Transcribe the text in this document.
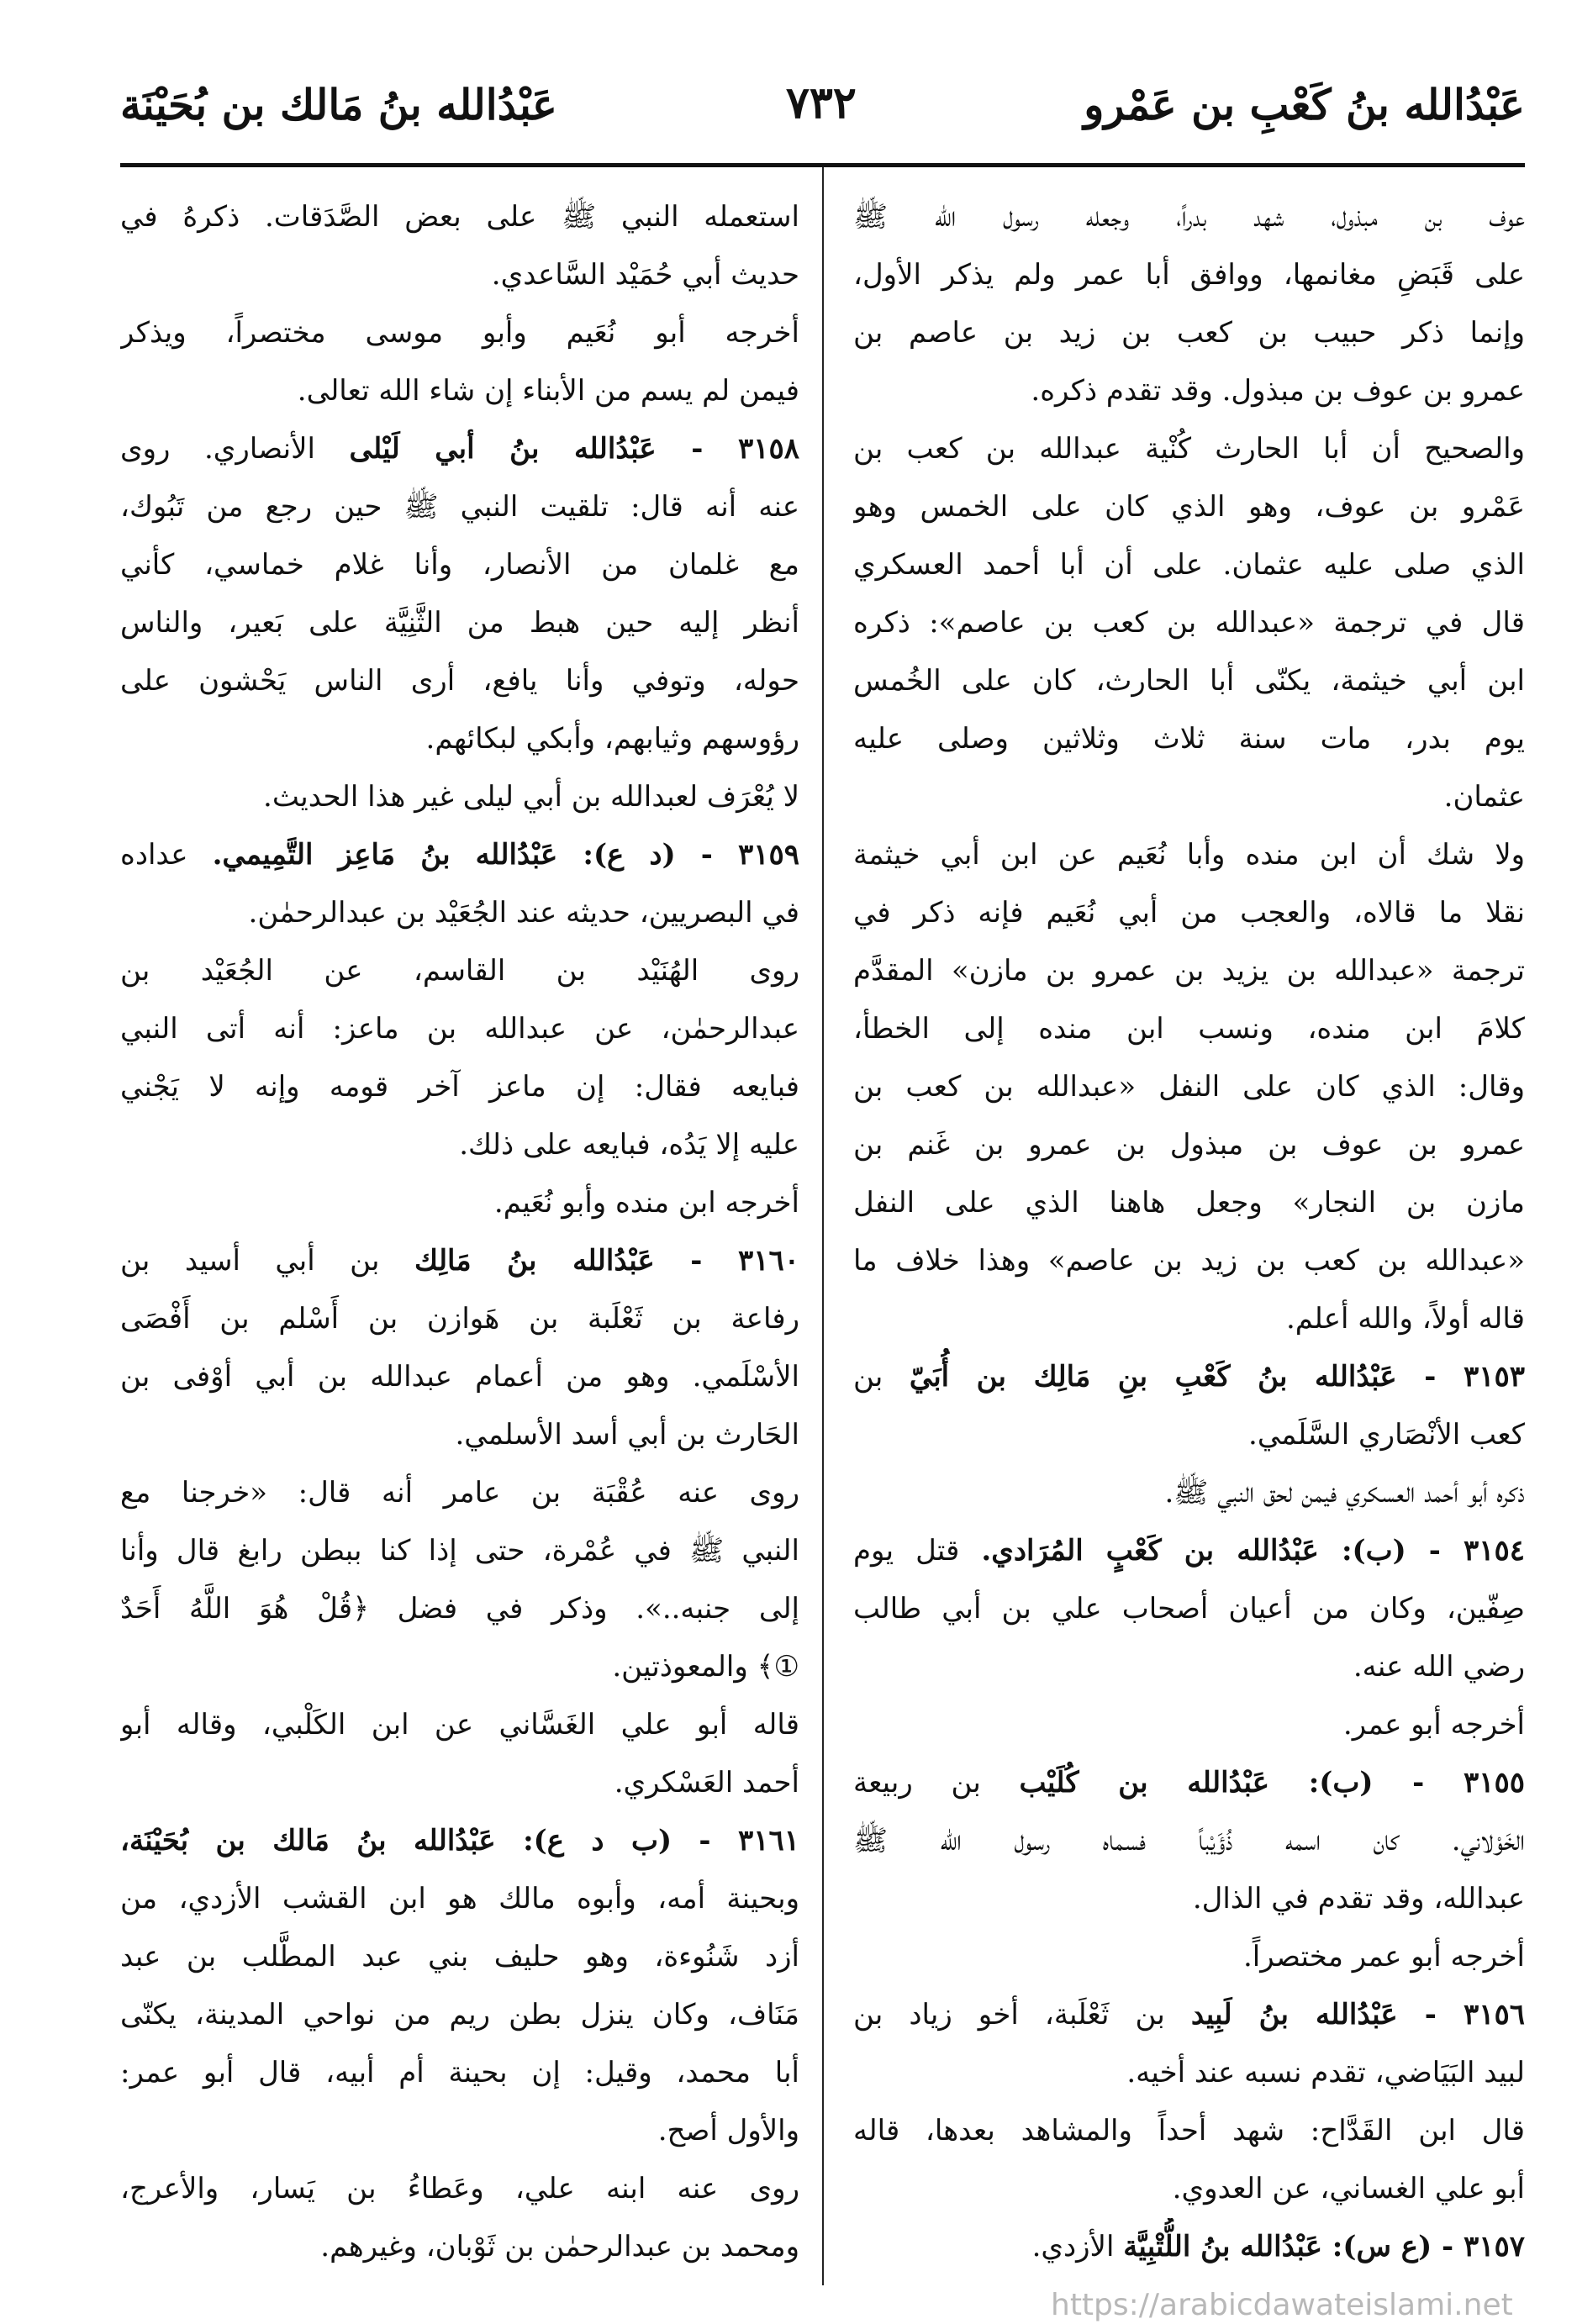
عَبْدُالله بنُ كَعْبِ بن عَمْرو
٧٣٢
عَبْدُالله بنُ مَالك بن بُحَيْنَة
عوف بن مبذول، شهد بدراً، وجعله رسول الله ﷺ
على قَبَضِ مغانمها، ووافق أبا عمر ولم يذكر الأول،
وإنما ذكر حبيب بن كعب بن زيد بن عاصم بن
عمرو بن عوف بن مبذول. وقد تقدم ذكره.
والصحيح أن أبا الحارث كُنْية عبدالله بن كعب بن
عَمْرو بن عوف، وهو الذي كان على الخمس وهو
الذي صلى عليه عثمان. على أن أبا أحمد العسكري
قال في ترجمة «عبدالله بن كعب بن عاصم»: ذكره
ابن أبي خيثمة، يكنّى أبا الحارث، كان على الخُمس
يوم بدر، مات سنة ثلاث وثلاثين وصلى عليه
عثمان.
ولا شك أن ابن منده وأبا نُعَيم عن ابن أبي خيثمة
نقلا ما قالاه، والعجب من أبي نُعَيم فإنه ذكر في
ترجمة «عبدالله بن يزيد بن عمرو بن مازن» المقدَّم
كلامَ ابن منده، ونسب ابن منده إلى الخطأ،
وقال: الذي كان على النفل «عبدالله بن كعب بن
عمرو بن عوف بن مبذول بن عمرو بن غَنم بن
مازن بن النجار» وجعل هاهنا الذي على النفل
«عبدالله بن كعب بن زيد بن عاصم» وهذا خلاف ما
قاله أولاً، والله أعلم.
٣١٥٣ - عَبْدُالله بنُ كَعْبِ بنِ مَالِك بن أُبَيّ بن
كعب الأنْصَاري السَّلَمي.
ذكره أبو أحمد العسكري فيمن لحق النبي ﷺ.
٣١٥٤ - (ب): عَبْدُالله بن كَعْبٍ المُرَادي. قتل يوم
صِفّين، وكان من أعيان أصحاب علي بن أبي طالب
رضي الله عنه.
أخرجه أبو عمر.
٣١٥٥ - (ب): عَبْدُالله بن كُلَيْب بن ربيعة
الخَوْلاني. كان اسمه ذُؤَيْباً فسماه رسول الله ﷺ
عبدالله، وقد تقدم في الذال.
أخرجه أبو عمر مختصراً.
٣١٥٦ - عَبْدُالله بنُ لَبِيد بن ثَعْلَبة، أخو زياد بن
لبيد البَيَاضي، تقدم نسبه عند أخيه.
قال ابن القَدَّاح: شهد أحداً والمشاهد بعدها، قاله
أبو علي الغساني، عن العدوي.
٣١٥٧ - (ع س): عَبْدُالله بنُ اللُّتْبِيَّة الأزدي.
استعمله النبي ﷺ على بعض الصَّدَقات. ذكرهُ في
حديث أبي حُمَيْد السَّاعدي.
أخرجه أبو نُعَيم وأبو موسى مختصراً، ويذكر
فيمن لم يسم من الأبناء إن شاء الله تعالى.
٣١٥٨ - عَبْدُالله بنُ أبي لَيْلى الأنصاري. روى
عنه أنه قال: تلقيت النبي ﷺ حين رجع من تَبُوك،
مع غلمان من الأنصار، وأنا غلام خماسي، كأني
أنظر إليه حين هبط من الثَّنِيَّة على بَعير، والناس
حوله، وتوفي وأنا يافع، أرى الناس يَحْشون على
رؤوسهم وثيابهم، وأبكي لبكائهم.
لا يُعْرَف لعبدالله بن أبي ليلى غير هذا الحديث.
٣١٥٩ - (د ع): عَبْدُالله بنُ مَاعِز التَّمِيمي. عداده
في البصريين، حديثه عند الجُعَيْد بن عبدالرحمٰن.
روى الهُنَيْد بن القاسم، عن الجُعَيْد بن
عبدالرحمٰن، عن عبدالله بن ماعز: أنه أتى النبي
فبايعه فقال: إن ماعز آخر قومه وإنه لا يَجْني
عليه إلا يَدُه، فبايعه على ذلك.
أخرجه ابن منده وأبو نُعَيم.
٣١٦٠ - عَبْدُالله بنُ مَالِك بن أبي أسيد بن
رفاعة بن ثَعْلَبة بن هَوازن بن أَسْلم بن أَفْصَى
الأسْلَمي. وهو من أعمام عبدالله بن أبي أوْفى بن
الحَارث بن أبي أسد الأسلمي.
روى عنه عُقْبَة بن عامر أنه قال: «خرجنا مع
النبي ﷺ في عُمْرة، حتى إذا كنا ببطن رابغ قال وأنا
إلى جنبه..». وذكر في فضل ﴿قُلْ هُوَ اللَّهُ أَحَدٌ
①﴾ والمعوذتين.
قاله أبو علي الغَسَّاني عن ابن الكَلْبي، وقاله أبو
أحمد العَسْكري.
٣١٦١ - (ب د ع): عَبْدُالله بنُ مَالك بن بُحَيْنَة،
وبحينة أمه، وأبوه مالك هو ابن القشب الأزدي، من
أزد شَنُوءة، وهو حليف بني عبد المطَّلب بن عبد
مَنَاف، وكان ينزل بطن ريم من نواحي المدينة، يكنّى
أبا محمد، وقيل: إن بحينة أم أبيه، قال أبو عمر:
والأول أصح.
روى عنه ابنه علي، وعَطاءُ بن يَسار، والأعرج،
ومحمد بن عبدالرحمٰن بن ثَوْبان، وغيرهم.
https://arabicdawateislami.net
